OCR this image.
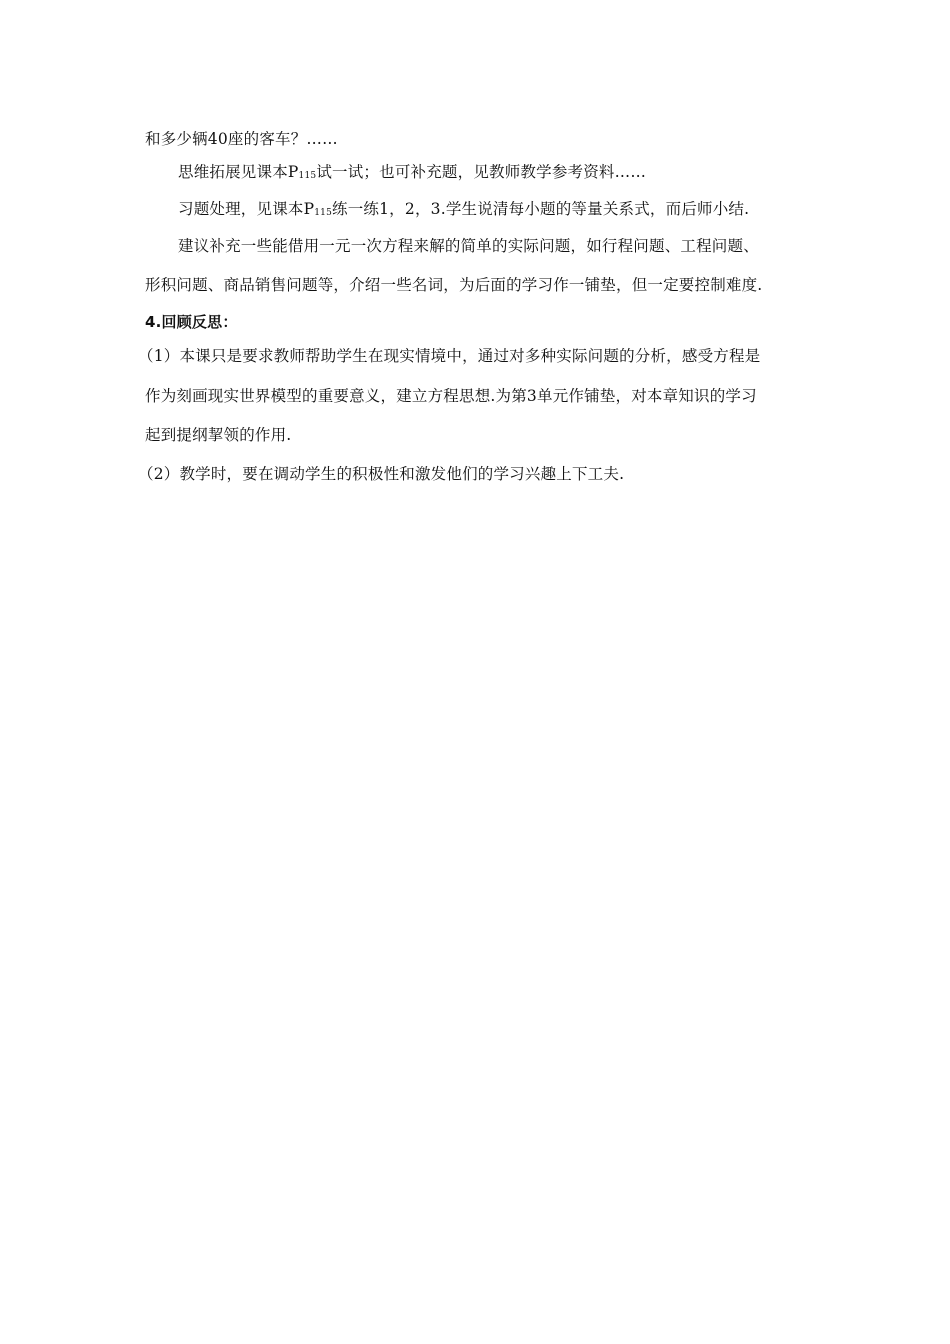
和多少辆40座的客车？……
思维拓展见课本$P_{115}$试一试；也可补充题，见教师教学参考资料……
习题处理，见课本$P_{115}$练一练1，2，3.学生说清每小题的等量关系式，而后师小结.
建议补充一些能借用一元一次方程来解的简单的实际问题，如行程问题、工程问题、
形积问题、商品销售问题等，介绍一些名词，为后面的学习作一铺垫，但一定要控制难度.
4.回顾反思：
（1）本课只是要求教师帮助学生在现实情境中，通过对多种实际问题的分析，感受方程是
作为刻画现实世界模型的重要意义，建立方程思想.为第3单元作铺垫，对本章知识的学习
起到提纲挈领的作用.
（2）教学时，要在调动学生的积极性和激发他们的学习兴趣上下工夫.
